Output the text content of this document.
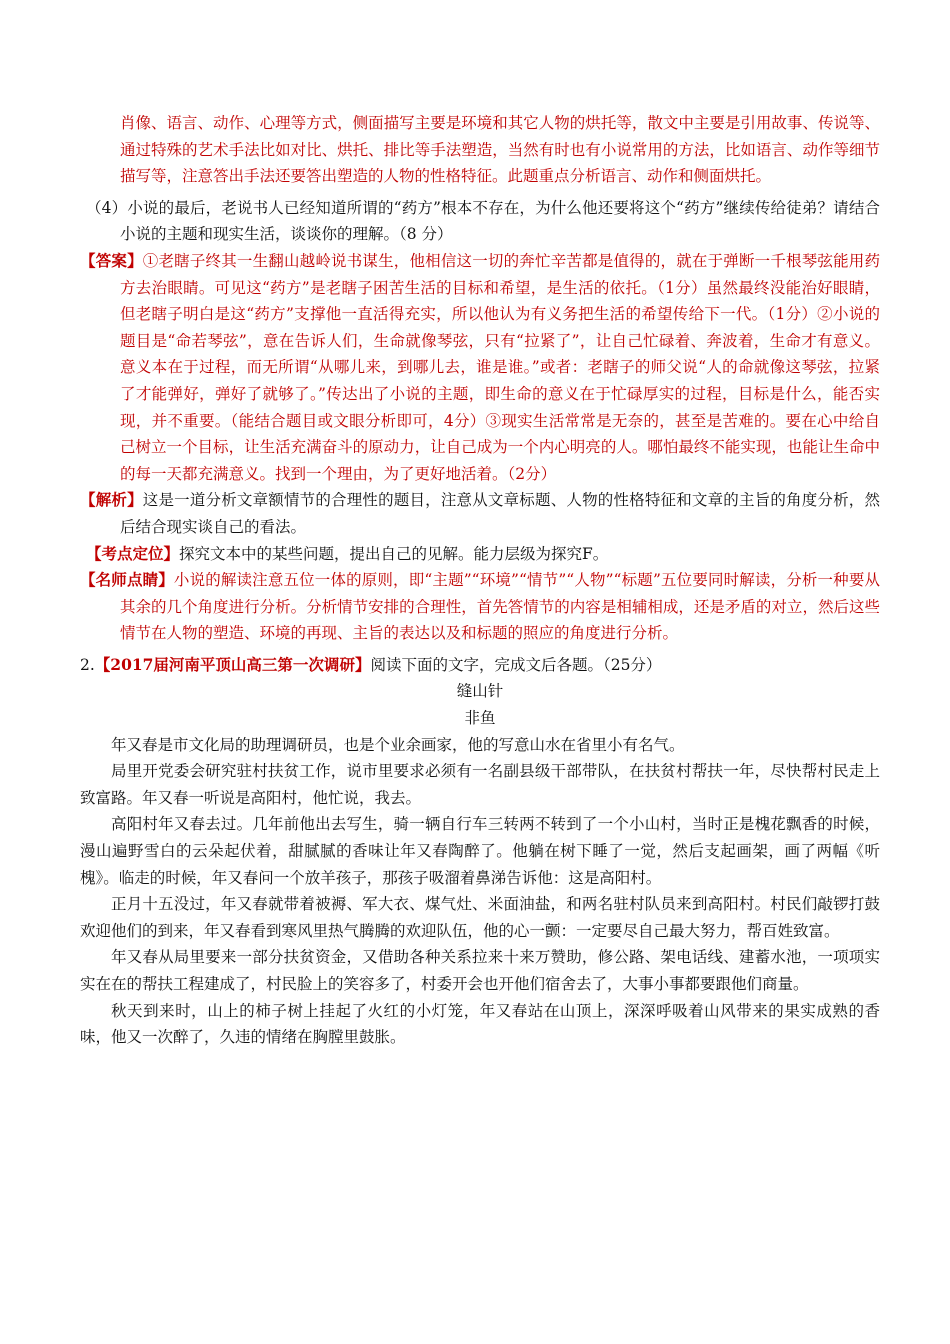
肖像、语言、动作、心理等方式，侧面描写主要是环境和其它人物的烘托等，散文中主要是引用故事、传说等、通过特殊的艺术手法比如对比、烘托、排比等手法塑造，当然有时也有小说常用的方法，比如语言、动作等细节描写等，注意答出手法还要答出塑造的人物的性格特征。此题重点分析语言、动作和侧面烘托。

（4）小说的最后，老说书人已经知道所谓的“药方”根本不存在，为什么他还要将这个“药方”继续传给徒弟？请结合小说的主题和现实生活，谈谈你的理解。（8 分）

【答案】①老瞎子终其一生翻山越岭说书谋生，他相信这一切的奔忙辛苦都是值得的，就在于弹断一千根琴弦能用药方去治眼睛。可见这“药方”是老瞎子困苦生活的目标和希望，是生活的依托。（1分）虽然最终没能治好眼睛，但老瞎子明白是这“药方”支撑他一直活得充实，所以他认为有义务把生活的希望传给下一代。（1分）②小说的题目是“命若琴弦”，意在告诉人们，生命就像琴弦，只有“拉紧了”，让自己忙碌着、奔波着，生命才有意义。意义本在于过程，而无所谓“从哪儿来，到哪儿去，谁是谁。”或者：老瞎子的师父说“人的命就像这琴弦，拉紧了才能弹好，弹好了就够了。”传达出了小说的主题，即生命的意义在于忙碌厚实的过程，目标是什么，能否实现，并不重要。（能结合题目或文眼分析即可，4分）③现实生活常常是无奈的，甚至是苦难的。要在心中给自己树立一个目标，让生活充满奋斗的原动力，让自己成为一个内心明亮的人。哪怕最终不能实现，也能让生命中的每一天都充满意义。找到一个理由，为了更好地活着。（2分）

【解析】这是一道分析文章额情节的合理性的题目，注意从文章标题、人物的性格特征和文章的主旨的角度分析，然后结合现实谈自己的看法。

【考点定位】探究文本中的某些问题，提出自己的见解。能力层级为探究F。

【名师点睛】小说的解读注意五位一体的原则，即“主题”“环境”“情节”“人物”“标题”五位要同时解读，分析一种要从其余的几个角度进行分析。分析情节安排的合理性，首先答情节的内容是相辅相成，还是矛盾的对立，然后这些情节在人物的塑造、环境的再现、主旨的表达以及和标题的照应的角度进行分析。

2.【2017届河南平顶山高三第一次调研】阅读下面的文字，完成文后各题。（25分）

缝山针

非鱼

年又春是市文化局的助理调研员，也是个业余画家，他的写意山水在省里小有名气。

局里开党委会研究驻村扶贫工作，说市里要求必须有一名副县级干部带队，在扶贫村帮扶一年，尽快帮村民走上致富路。年又春一听说是高阳村，他忙说，我去。

高阳村年又春去过。几年前他出去写生，骑一辆自行车三转两不转到了一个小山村，当时正是槐花飘香的时候，漫山遍野雪白的云朵起伏着，甜腻腻的香味让年又春陶醉了。他躺在树下睡了一觉，然后支起画架，画了两幅《听槐》。临走的时候，年又春问一个放羊孩子，那孩子吸溜着鼻涕告诉他：这是高阳村。

正月十五没过，年又春就带着被褥、军大衣、煤气灶、米面油盐，和两名驻村队员来到高阳村。村民们敲锣打鼓欢迎他们的到来，年又春看到寒风里热气腾腾的欢迎队伍，他的心一颤：一定要尽自己最大努力，帮百姓致富。

年又春从局里要来一部分扶贫资金，又借助各种关系拉来十来万赞助，修公路、架电话线、建蓄水池，一项项实实在在的帮扶工程建成了，村民脸上的笑容多了，村委开会也开他们宿舍去了，大事小事都要跟他们商量。

秋天到来时，山上的柿子树上挂起了火红的小灯笼，年又春站在山顶上，深深呼吸着山风带来的果实成熟的香味，他又一次醉了，久违的情绪在胸膛里鼓胀。
